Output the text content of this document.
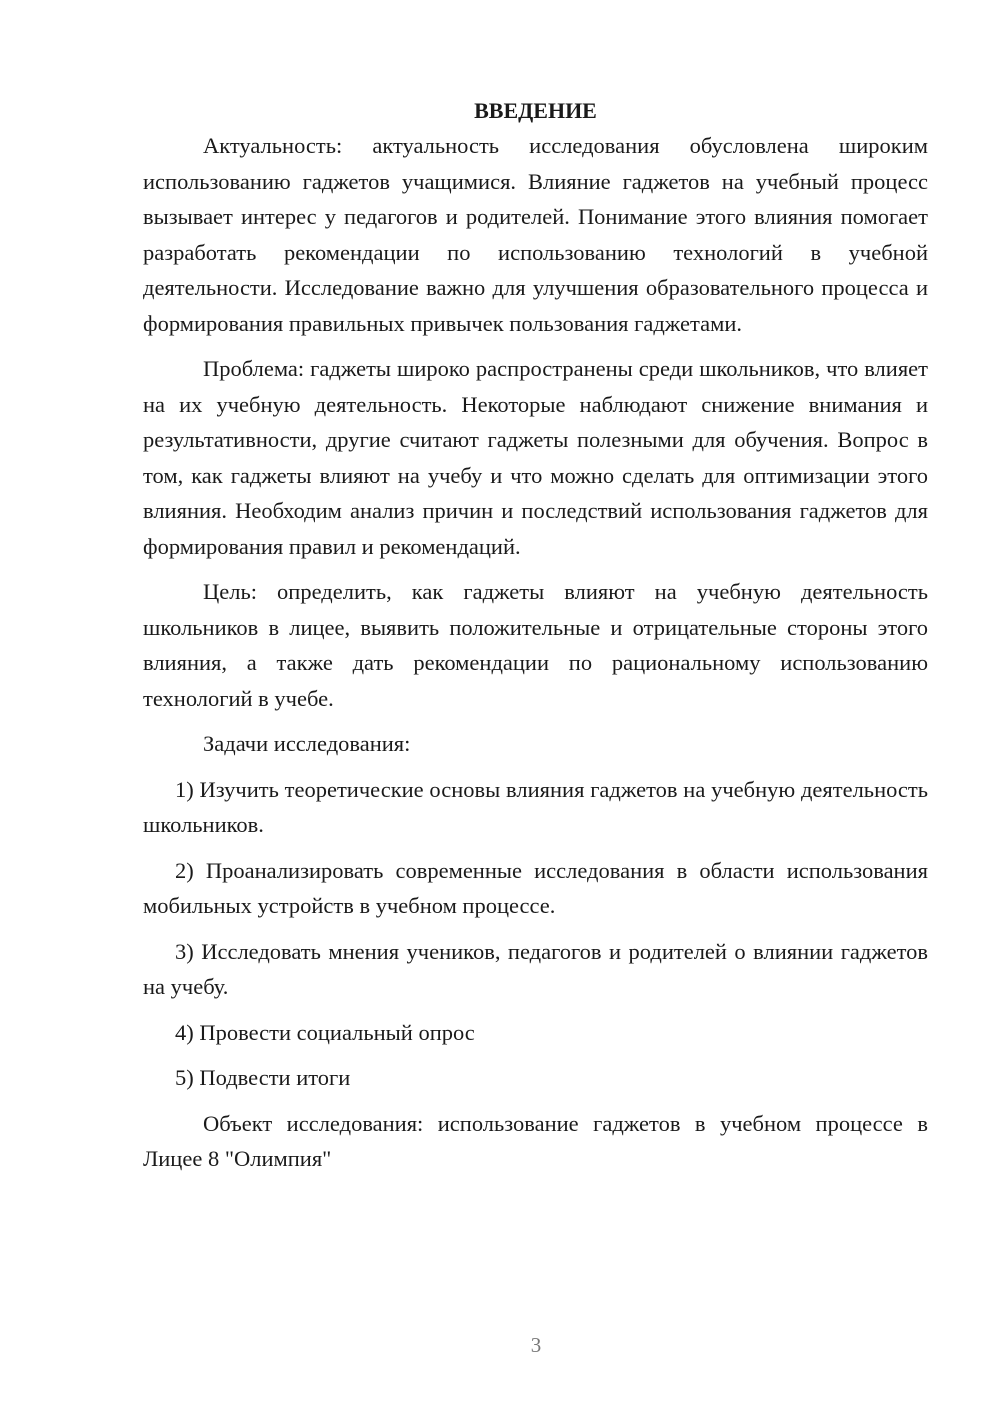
ВВЕДЕНИЕ

Актуальность: актуальность исследования обусловлена широким использованию гаджетов учащимися. Влияние гаджетов на учебный процесс вызывает интерес у педагогов и родителей. Понимание этого влияния помогает разработать рекомендации по использованию технологий в учебной деятельности. Исследование важно для улучшения образовательного процесса и формирования правильных привычек пользования гаджетами.

Проблема: гаджеты широко распространены среди школьников, что влияет на их учебную деятельность. Некоторые наблюдают снижение внимания и результативности, другие считают гаджеты полезными для обучения. Вопрос в том, как гаджеты влияют на учебу и что можно сделать для оптимизации этого влияния. Необходим анализ причин и последствий использования гаджетов для формирования правил и рекомендаций.

Цель: определить, как гаджеты влияют на учебную деятельность школьников в лицее, выявить положительные и отрицательные стороны этого влияния, а также дать рекомендации по рациональному использованию технологий в учебе.

Задачи исследования:

1) Изучить теоретические основы влияния гаджетов на учебную деятельность школьников.

2) Проанализировать современные исследования в области использования мобильных устройств в учебном процессе.

3) Исследовать мнения учеников, педагогов и родителей о влиянии гаджетов на учебу.

4) Провести социальный опрос

5) Подвести итоги

Объект исследования: использование гаджетов в учебном процессе в Лицее 8 "Олимпия"

3
